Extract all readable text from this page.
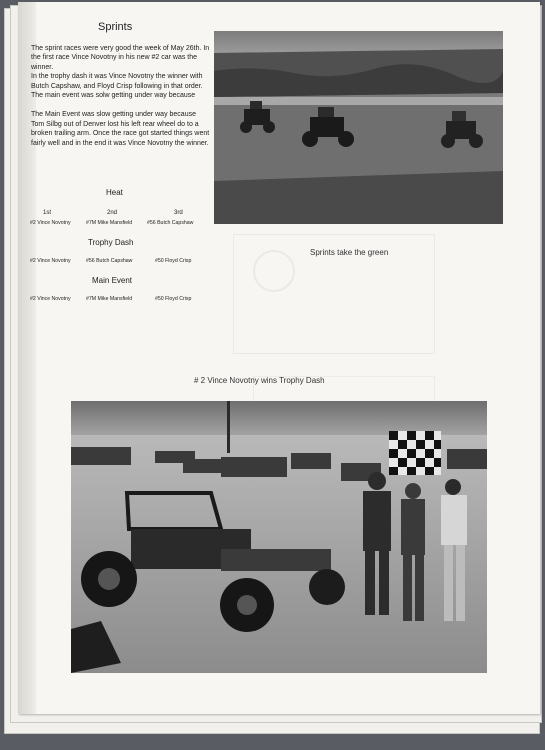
Sprints

The sprint races were very good the week of May 26th. In the first race Vince Novotny in his new #2 car was the winner.

In the trophy dash it was Vince Novotny the winner with Butch Capshaw, and Floyd Crisp following in that order.

The main event was solw getting under way because

The Main Event was slow getting under way because Tom Silbg out of Denver lost his left rear wheel do to a broken trailing arm. Once the race got started things went fairly well and in the end it was Vince Novotny the winner.

Heat
1st	2nd	3rd
#2 Vince Novotny	#7M Mike Mansfield	#56 Butch Capshaw
Trophy Dash
#2 Vince Novotny	#56 Butch Capshaw	#50 Floyd Crisp
Main Event
#2 Vince Novotny	#7M Mike Mansfield	#50 Floyd Crisp
Sprints take the green
# 2 Vince Novotny wins Trophy Dash
